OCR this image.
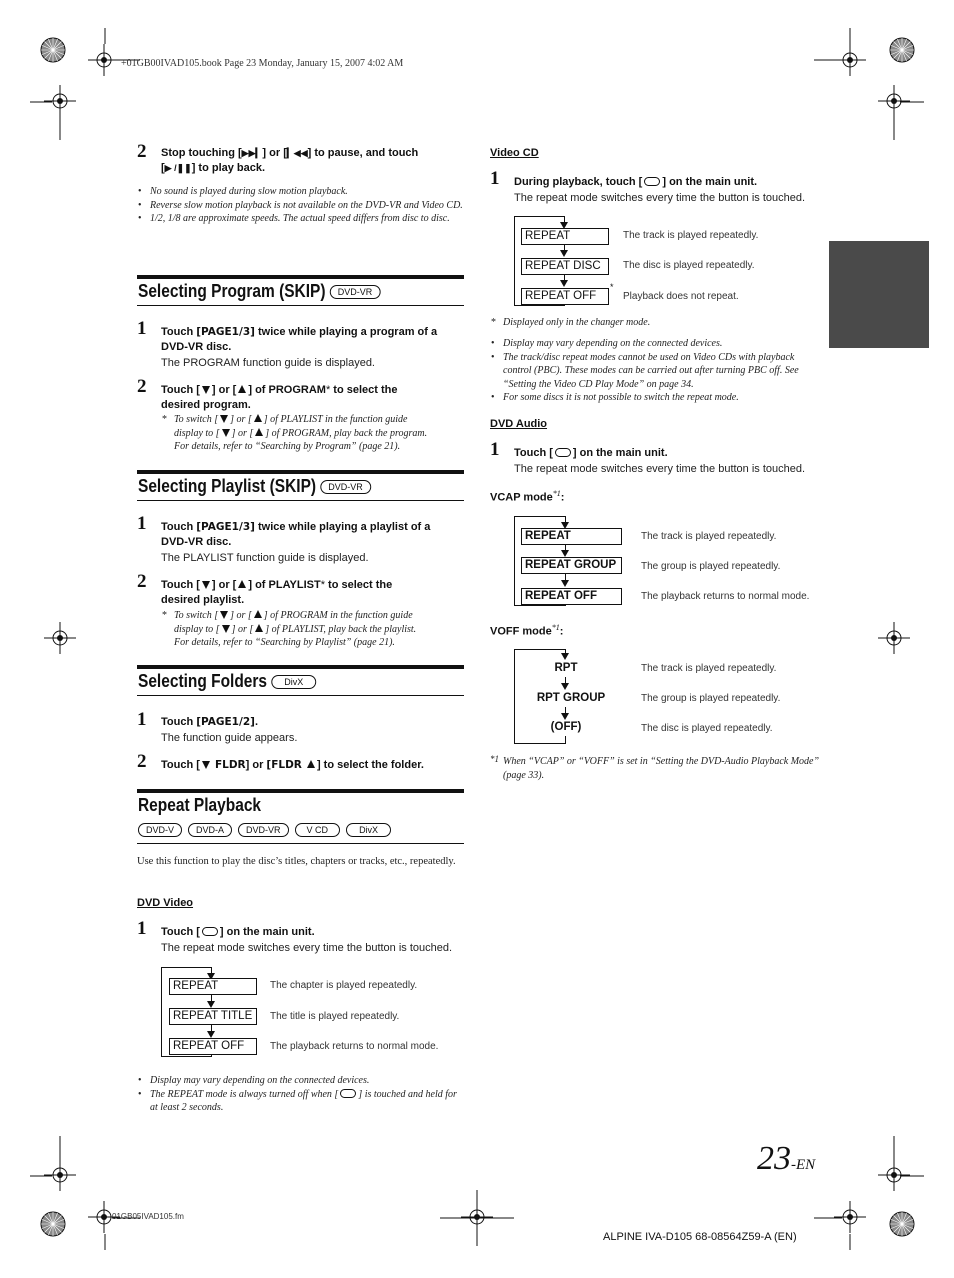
+01GB00IVAD105.book Page 23 Monday, January 15, 2007 4:02 AM
2 Stop touching [▶▶▎] or [▎◀◀] to pause, and touch
[▶ /❚❚] to play back.
• No sound is played during slow motion playback.
• Reverse slow motion playback is not available on the DVD-VR and Video CD.
• 1/2, 1/8 are approximate speeds. The actual speed differs from disc to disc.
Selecting Program (SKIP) DVD-VR
1 Touch [PAGE1/3] twice while playing a program of a
DVD-VR disc.
The PROGRAM function guide is displayed.
2 Touch [ ] or [ ] of PROGRAM* to select the
desired program.
* To switch [ ] or [ ] of PLAYLIST in the function guide
display to [ ] or [ ] of PROGRAM, play back the program.
For details, refer to “Searching by Program” (page 21).
Selecting Playlist (SKIP) DVD-VR
1 Touch [PAGE1/3] twice while playing a playlist of a
DVD-VR disc.
The PLAYLIST function guide is displayed.
2 Touch [ ] or [ ] of PLAYLIST* to select the
desired playlist.
* To switch [ ] or [ ] of PROGRAM in the function guide
display to [ ] or [ ] of PLAYLIST, play back the playlist.
For details, refer to “Searching by Playlist” (page 21).
Selecting Folders DivX
1 Touch [PAGE1/2].
The function guide appears.
2 Touch [ FLDR] or [FLDR ] to select the folder.
Repeat Playback
DVD-V DVD-A DVD-VR	V CD	DivX
Use this function to play the disc’s titles, chapters or tracks, etc., repeatedly.
DVD Video
1 Touch [ ] on the main unit.
The repeat mode switches every time the button is touched.
REPEAT
REPEAT TITLE
REPEAT OFF
The chapter is played repeatedly.
The title is played repeatedly.
The playback returns to normal mode.
• Display may vary depending on the connected devices.
• The REPEAT mode is always turned off when [ ] is touched and held for at least 2 seconds.
Video CD
1 During playback, touch [ ] on the main unit.
The repeat mode switches every time the button is touched.
REPEAT
REPEAT DISC
REPEAT OFF
*
The track is played repeatedly.
The disc is played repeatedly.
Playback does not repeat.
* Displayed only in the changer mode.
• Display may vary depending on the connected devices.
• The track/disc repeat modes cannot be used on Video CDs with playback control (PBC). These modes can be carried out after turning PBC off. See “Setting the Video CD Play Mode” on page 34.
• For some discs it is not possible to switch the repeat mode.
DVD Audio
1 Touch [ ] on the main unit.
The repeat mode switches every time the button is touched.
VCAP mode$^{*1}$:
REPEAT
REPEAT GROUP
REPEAT OFF
The track is played repeatedly.
The group is played repeatedly.
The playback returns to normal mode.
VOFF mode$^{*1}$:
RPT
RPT GROUP
(OFF)
The track is played repeatedly.
The group is played repeatedly.
The disc is played repeatedly.
*1 When “VCAP” or “VOFF” is set in “Setting the DVD-Audio Playback Mode” (page 33).
23-EN
01GB05IVAD105.fm
ALPINE IVA-D105 68-08564Z59-A (EN)
